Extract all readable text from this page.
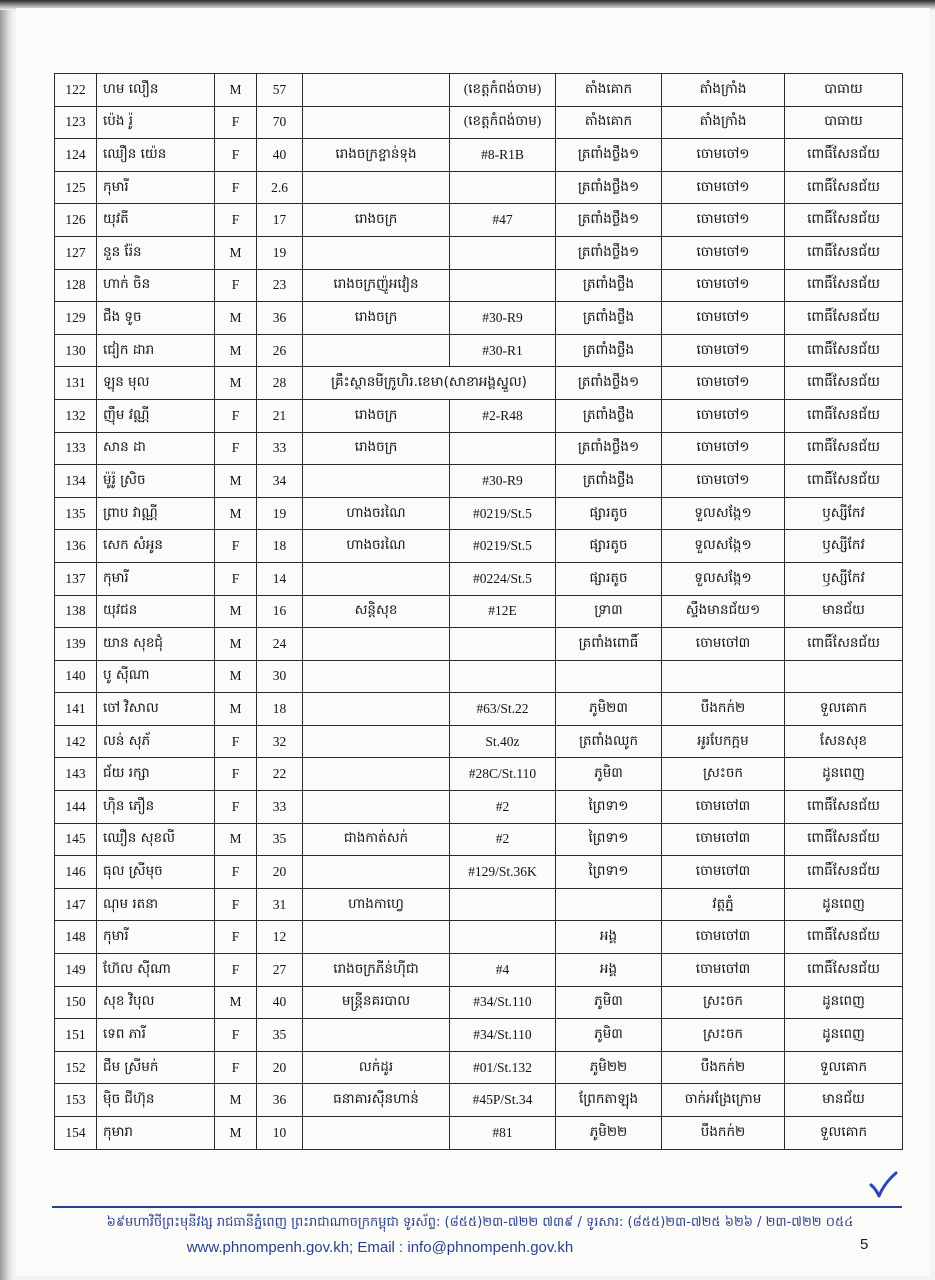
122	ហម លឿន	M	57		(ខេត្តកំពង់ចាម)	តាំងគោក	តាំងក្រាំង	បាធាយ
123	ប៉េង រ៉ូ	F	70		(ខេត្តកំពង់ចាម)	តាំងគោក	តាំងក្រាំង	បាធាយ
124	ឈឿន យ៉េន	F	40	រោងចក្រខ្ចាន់ទុង	#8-R1B	ត្រពាំងថ្លឹង១	ចោមចៅ១	ពោធិ៍សែនជ័យ
125	កុមារី	F	2.6			ត្រពាំងថ្លឹង១	ចោមចៅ១	ពោធិ៍សែនជ័យ
126	យុវតី	F	17	រោងចក្រ	#47	ត្រពាំងថ្លឹង១	ចោមចៅ១	ពោធិ៍សែនជ័យ
127	នួន រ៉ែន	M	19			ត្រពាំងថ្លឹង១	ចោមចៅ១	ពោធិ៍សែនជ័យ
128	ហាក់ ចិន	F	23	រោងចក្រញ៉ូអវៀន		ត្រពាំងថ្លឹង	ចោមចៅ១	ពោធិ៍សែនជ័យ
129	ជឹង ទូច	M	36	រោងចក្រ	#30-R9	ត្រពាំងថ្លឹង	ចោមចៅ១	ពោធិ៍សែនជ័យ
130	ជៀក ដារា	M	26		#30-R1	ត្រពាំងថ្លឹង	ចោមចៅ១	ពោធិ៍សែនជ័យ
131	ឡុន មុល	M	28	គ្រឹះស្ថានមីក្រូហិរ.ខេមា(សាខាអង្គស្នួល)		ត្រពាំងថ្លឹង១	ចោមចៅ១	ពោធិ៍សែនជ័យ
132	ញ៉ឹម វណ្ណី	F	21	រោងចក្រ	#2-R48	ត្រពាំងថ្លឹង	ចោមចៅ១	ពោធិ៍សែនជ័យ
133	សាន ដា	F	33	រោងចក្រ		ត្រពាំងថ្លឹង១	ចោមចៅ១	ពោធិ៍សែនជ័យ
134	ម៉ូរ៉ូ ស្រិច	M	34		#30-R9	ត្រពាំងថ្លឹង	ចោមចៅ១	ពោធិ៍សែនជ័យ
135	ព្រាប វាណ្ណី	M	19	ហាងចរណៃ	#0219/St.5	ផ្សារតូច	ទួលសង្កែ១	ឫស្សីកែវ
136	សេក សំអូន	F	18	ហាងចរណៃ	#0219/St.5	ផ្សារតូច	ទួលសង្កែ១	ឫស្សីកែវ
137	កុមារី	F	14		#0224/St.5	ផ្សារតូច	ទួលសង្កែ១	ឫស្សីកែវ
138	យុវជន	M	16	សន្តិសុខ	#12E	ទ្រា៣	ស្ទឹងមានជ័យ១	មានជ័យ
139	យាន សុខជុំ	M	24			ត្រពាំងពោធិ៍	ចោមចៅ៣	ពោធិ៍សែនជ័យ
140	បូ ស៊ីណា	M	30					
141	ចៅ វិសាល	M	18		#63/St.22	ភូមិ២៣	បឹងកក់២	ទួលគោក
142	លន់ សុភ័	F	32		St.40z	ត្រពាំងឈូក	អូរបែកក្អម	សែនសុខ
143	ជ័យ រក្សា	F	22		#28C/St.110	ភូមិ៣	ស្រះចក	ដូនពេញ
144	ហ៊ិន ភឿន	F	33		#2	ព្រៃទា១	ចោមចៅ៣	ពោធិ៍សែនជ័យ
145	ឈឿន សុខលី	M	35	ជាងកាត់សក់	#2	ព្រៃទា១	ចោមចៅ៣	ពោធិ៍សែនជ័យ
146	ធុល ស្រីមុច	F	20		#129/St.36K	ព្រៃទា១	ចោមចៅ៣	ពោធិ៍សែនជ័យ
147	ណុម រតនា	F	31	ហាងកាហ្វេ			វត្តភ្នំ	ដូនពេញ
148	កុមារី	F	12			អង្គ	ចោមចៅ៣	ពោធិ៍សែនជ័យ
149	ហ៊ែល ស៊ីណា	F	27	រោងចក្រភីន់ហ៊ីជា	#4	អង្គ	ចោមចៅ៣	ពោធិ៍សែនជ័យ
150	សុខ វិបុល	M	40	មន្ត្រីនគរបាល	#34/St.110	ភូមិ៣	ស្រះចក	ដូនពេញ
151	ទេព ភារី	F	35		#34/St.110	ភូមិ៣	ស្រះចក	ដូនពេញ
152	ជឹម ស្រីមក់	F	20	លក់ដូរ	#01/St.132	ភូមិ២២	បឹងកក់២	ទួលគោក
153	ម៉ិច ជីហ៊ុន	M	36	ធនាគារស៊ីនហាន់	#45P/St.34	ព្រែកតាឡុង	ចាក់អង្រែក្រោម	មានជ័យ
154	កុមារា	M	10		#81	ភូមិ២២	បឹងកក់២	ទួលគោក
៦៩មហាវិថីព្រះមុនីវង្ស រាជធានីភ្នំពេញ ព្រះរាជាណាចក្រកម្ពុជា ទូរស័ព្ទ: (៨៥៥)២៣-៧២២ ៧៣៩ / ទូរសារ: (៨៥៥)២៣-៧២៥ ៦២៦ / ២៣-៧២២ ០៥៤
www.phnompenh.gov.kh; Email : info@phnompenh.gov.kh	5
